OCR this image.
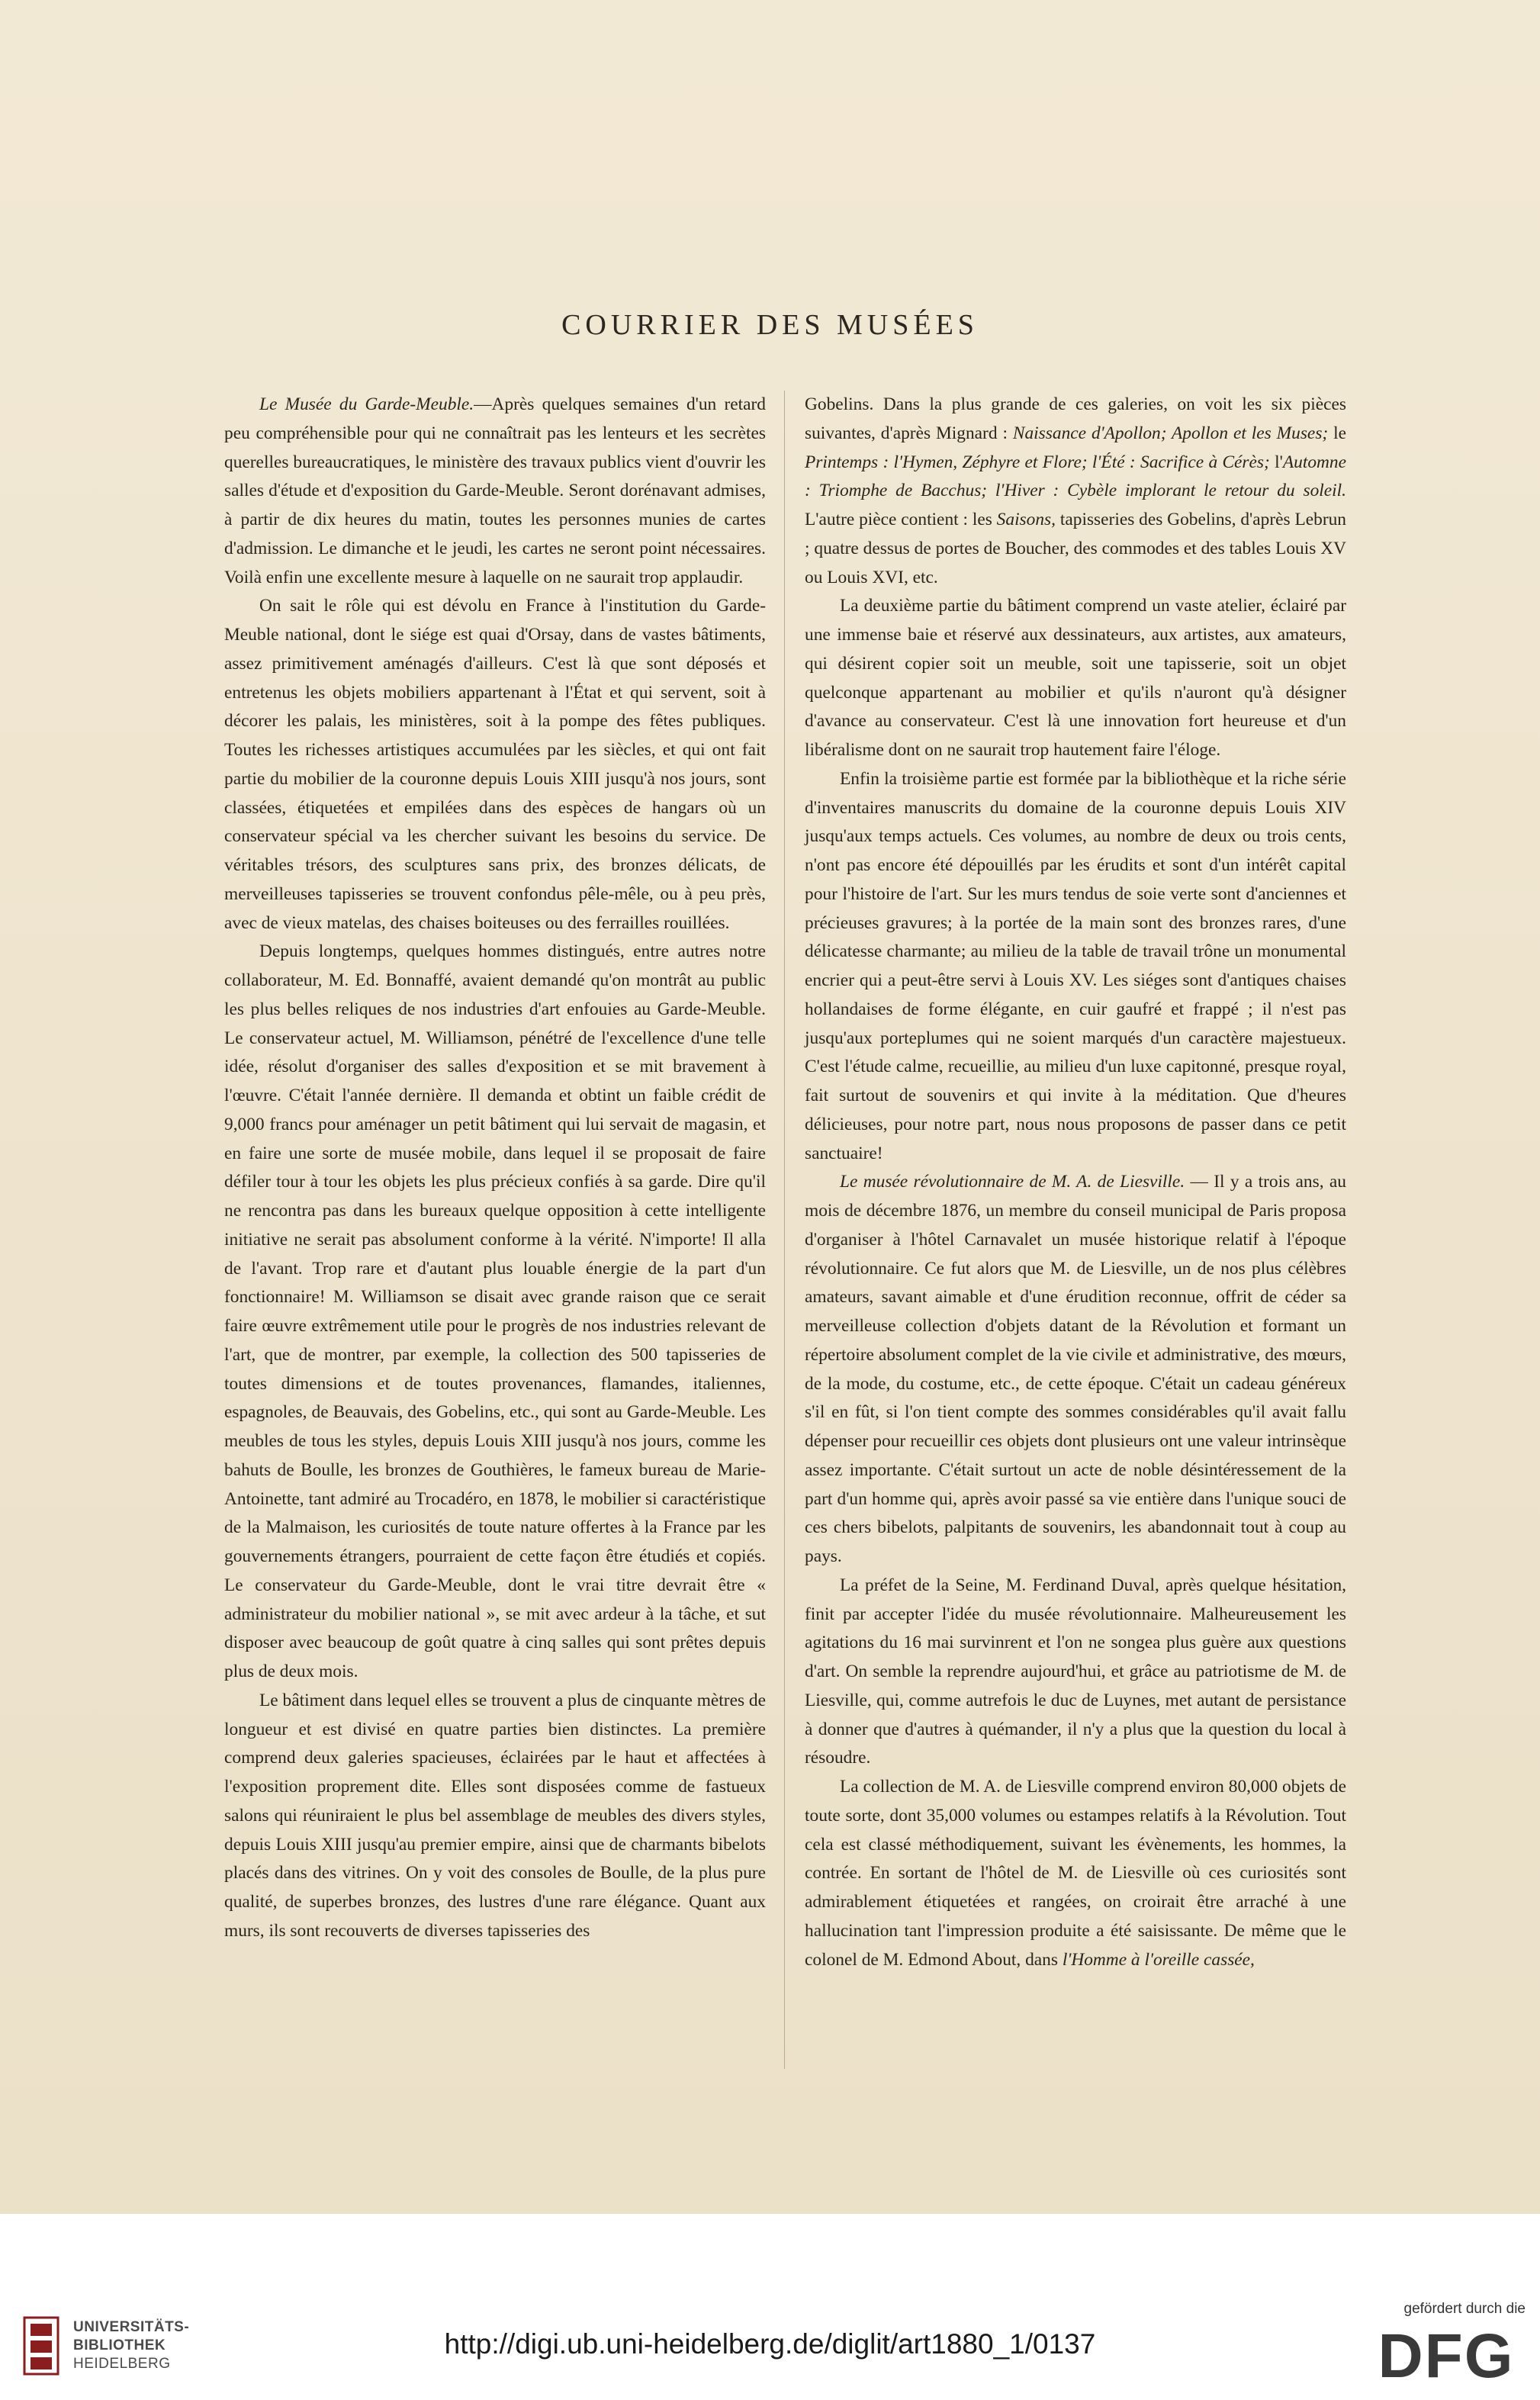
COURRIER DES MUSÉES

Le Musée du Garde-Meuble.—Après quelques semaines d'un retard peu compréhensible pour qui ne connaîtrait pas les lenteurs et les secrètes querelles bureaucratiques, le ministère des travaux publics vient d'ouvrir les salles d'étude et d'exposition du Garde-Meuble. Seront dorénavant admises, à partir de dix heures du matin, toutes les personnes munies de cartes d'admission. Le dimanche et le jeudi, les cartes ne seront point nécessaires. Voilà enfin une excellente mesure à laquelle on ne saurait trop applaudir.

On sait le rôle qui est dévolu en France à l'institution du Garde-Meuble national, dont le siége est quai d'Orsay, dans de vastes bâtiments, assez primitivement aménagés d'ailleurs. C'est là que sont déposés et entretenus les objets mobiliers appartenant à l'État et qui servent, soit à décorer les palais, les ministères, soit à la pompe des fêtes publiques. Toutes les richesses artistiques accumulées par les siècles, et qui ont fait partie du mobilier de la couronne depuis Louis XIII jusqu'à nos jours, sont classées, étiquetées et empilées dans des espèces de hangars où un conservateur spécial va les chercher suivant les besoins du service. De véritables trésors, des sculptures sans prix, des bronzes délicats, de merveilleuses tapisseries se trouvent confondus pêle-mêle, ou à peu près, avec de vieux matelas, des chaises boiteuses ou des ferrailles rouillées.

Depuis longtemps, quelques hommes distingués, entre autres notre collaborateur, M. Ed. Bonnaffé, avaient demandé qu'on montrât au public les plus belles reliques de nos industries d'art enfouies au Garde-Meuble. Le conservateur actuel, M. Williamson, pénétré de l'excellence d'une telle idée, résolut d'organiser des salles d'exposition et se mit bravement à l'œuvre. C'était l'année dernière. Il demanda et obtint un faible crédit de 9,000 francs pour aménager un petit bâtiment qui lui servait de magasin, et en faire une sorte de musée mobile, dans lequel il se proposait de faire défiler tour à tour les objets les plus précieux confiés à sa garde. Dire qu'il ne rencontra pas dans les bureaux quelque opposition à cette intelligente initiative ne serait pas absolument conforme à la vérité. N'importe! Il alla de l'avant. Trop rare et d'autant plus louable énergie de la part d'un fonctionnaire! M. Williamson se disait avec grande raison que ce serait faire œuvre extrêmement utile pour le progrès de nos industries relevant de l'art, que de montrer, par exemple, la collection des 500 tapisseries de toutes dimensions et de toutes provenances, flamandes, italiennes, espagnoles, de Beauvais, des Gobelins, etc., qui sont au Garde-Meuble. Les meubles de tous les styles, depuis Louis XIII jusqu'à nos jours, comme les bahuts de Boulle, les bronzes de Gouthières, le fameux bureau de Marie-Antoinette, tant admiré au Trocadéro, en 1878, le mobilier si caractéristique de la Malmaison, les curiosités de toute nature offertes à la France par les gouvernements étrangers, pourraient de cette façon être étudiés et copiés. Le conservateur du Garde-Meuble, dont le vrai titre devrait être « administrateur du mobilier national », se mit avec ardeur à la tâche, et sut disposer avec beaucoup de goût quatre à cinq salles qui sont prêtes depuis plus de deux mois.

Le bâtiment dans lequel elles se trouvent a plus de cinquante mètres de longueur et est divisé en quatre parties bien distinctes. La première comprend deux galeries spacieuses, éclairées par le haut et affectées à l'exposition proprement dite. Elles sont disposées comme de fastueux salons qui réuniraient le plus bel assemblage de meubles des divers styles, depuis Louis XIII jusqu'au premier empire, ainsi que de charmants bibelots placés dans des vitrines. On y voit des consoles de Boulle, de la plus pure qualité, de superbes bronzes, des lustres d'une rare élégance. Quant aux murs, ils sont recouverts de diverses tapisseries des

Gobelins. Dans la plus grande de ces galeries, on voit les six pièces suivantes, d'après Mignard : Naissance d'Apollon; Apollon et les Muses; le Printemps : l'Hymen, Zéphyre et Flore; l'Été : Sacrifice à Cérès; l'Automne : Triomphe de Bacchus; l'Hiver : Cybèle implorant le retour du soleil. L'autre pièce contient : les Saisons, tapisseries des Gobelins, d'après Lebrun ; quatre dessus de portes de Boucher, des commodes et des tables Louis XV ou Louis XVI, etc.

La deuxième partie du bâtiment comprend un vaste atelier, éclairé par une immense baie et réservé aux dessinateurs, aux artistes, aux amateurs, qui désirent copier soit un meuble, soit une tapisserie, soit un objet quelconque appartenant au mobilier et qu'ils n'auront qu'à désigner d'avance au conservateur. C'est là une innovation fort heureuse et d'un libéralisme dont on ne saurait trop hautement faire l'éloge.

Enfin la troisième partie est formée par la bibliothèque et la riche série d'inventaires manuscrits du domaine de la couronne depuis Louis XIV jusqu'aux temps actuels. Ces volumes, au nombre de deux ou trois cents, n'ont pas encore été dépouillés par les érudits et sont d'un intérêt capital pour l'histoire de l'art. Sur les murs tendus de soie verte sont d'anciennes et précieuses gravures; à la portée de la main sont des bronzes rares, d'une délicatesse charmante; au milieu de la table de travail trône un monumental encrier qui a peut-être servi à Louis XV. Les siéges sont d'antiques chaises hollandaises de forme élégante, en cuir gaufré et frappé ; il n'est pas jusqu'aux porteplumes qui ne soient marqués d'un caractère majestueux. C'est l'étude calme, recueillie, au milieu d'un luxe capitonné, presque royal, fait surtout de souvenirs et qui invite à la méditation. Que d'heures délicieuses, pour notre part, nous nous proposons de passer dans ce petit sanctuaire!

Le musée révolutionnaire de M. A. de Liesville. — Il y a trois ans, au mois de décembre 1876, un membre du conseil municipal de Paris proposa d'organiser à l'hôtel Carnavalet un musée historique relatif à l'époque révolutionnaire. Ce fut alors que M. de Liesville, un de nos plus célèbres amateurs, savant aimable et d'une érudition reconnue, offrit de céder sa merveilleuse collection d'objets datant de la Révolution et formant un répertoire absolument complet de la vie civile et administrative, des mœurs, de la mode, du costume, etc., de cette époque. C'était un cadeau généreux s'il en fût, si l'on tient compte des sommes considérables qu'il avait fallu dépenser pour recueillir ces objets dont plusieurs ont une valeur intrinsèque assez importante. C'était surtout un acte de noble désintéressement de la part d'un homme qui, après avoir passé sa vie entière dans l'unique souci de ces chers bibelots, palpitants de souvenirs, les abandonnait tout à coup au pays.

La préfet de la Seine, M. Ferdinand Duval, après quelque hésitation, finit par accepter l'idée du musée révolutionnaire. Malheureusement les agitations du 16 mai survinrent et l'on ne songea plus guère aux questions d'art. On semble la reprendre aujourd'hui, et grâce au patriotisme de M. de Liesville, qui, comme autrefois le duc de Luynes, met autant de persistance à donner que d'autres à quémander, il n'y a plus que la question du local à résoudre.

La collection de M. A. de Liesville comprend environ 80,000 objets de toute sorte, dont 35,000 volumes ou estampes relatifs à la Révolution. Tout cela est classé méthodiquement, suivant les évènements, les hommes, la contrée. En sortant de l'hôtel de M. de Liesville où ces curiosités sont admirablement étiquetées et rangées, on croirait être arraché à une hallucination tant l'impression produite a été saisissante. De même que le colonel de M. Edmond About, dans l'Homme à l'oreille cassée,

UNIVERSITÄTS-
BIBLIOTHEK
HEIDELBERG
http://digi.ub.uni-heidelberg.de/diglit/art1880_1/0137
gefördert durch die
DFG
